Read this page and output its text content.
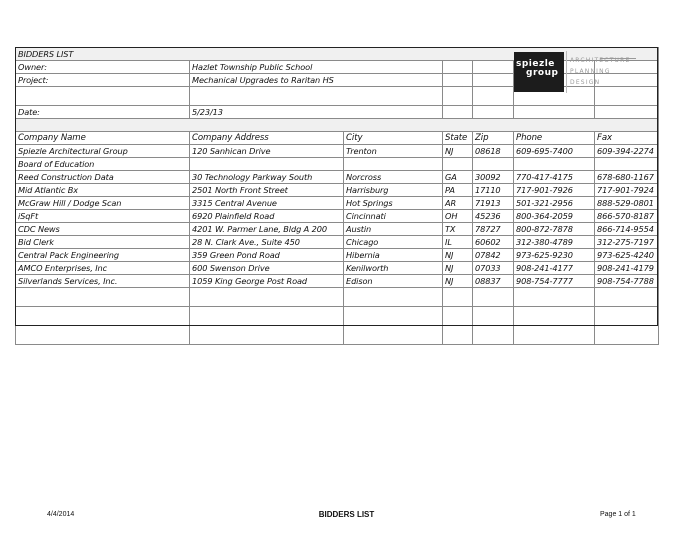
BIDDERS LIST						
Owner:	Hazlet Township Public School					
Project:	Mechanical Upgrades to Raritan HS					

Date:	5/23/13					

Company Name	Company Address	City	State	Zip	Phone	Fax
Spiezle Architectural Group	120 Sanhican Drive	Trenton	NJ	08618	609-695-7400	609-394-2274
Board of Education						
Reed Construction Data	30 Technology Parkway South	Norcross	GA	30092	770-417-4175	678-680-1167
Mid Atlantic Bx	2501 North Front Street	Harrisburg	PA	17110	717-901-7926	717-901-7924
McGraw Hill / Dodge Scan	3315 Central Avenue	Hot Springs	AR	71913	501-321-2956	888-529-0801
iSqFt	6920 Plainfield Road	Cincinnati	OH	45236	800-364-2059	866-570-8187
CDC News	4201 W. Parmer Lane, Bldg A 200	Austin	TX	78727	800-872-7878	866-714-9554
Bid Clerk	28 N. Clark Ave., Suite 450	Chicago	IL	60602	312-380-4789	312-275-7197
Central Pack Engineering	359 Green Pond Road	Hibernia	NJ	07842	973-625-9230	973-625-4240
AMCO Enterprises, Inc	600 Swenson Drive	Kenilworth	NJ	07033	908-241-4177	908-241-4179
Silverlands Services, Inc.	1059 King George Post Road	Edison	NJ	08837	908-754-7777	908-754-7788

spiezle
group
ARCHITECTURE
PLANNING
DESIGN
4/4/2014	BIDDERS LIST	Page 1 of 1
